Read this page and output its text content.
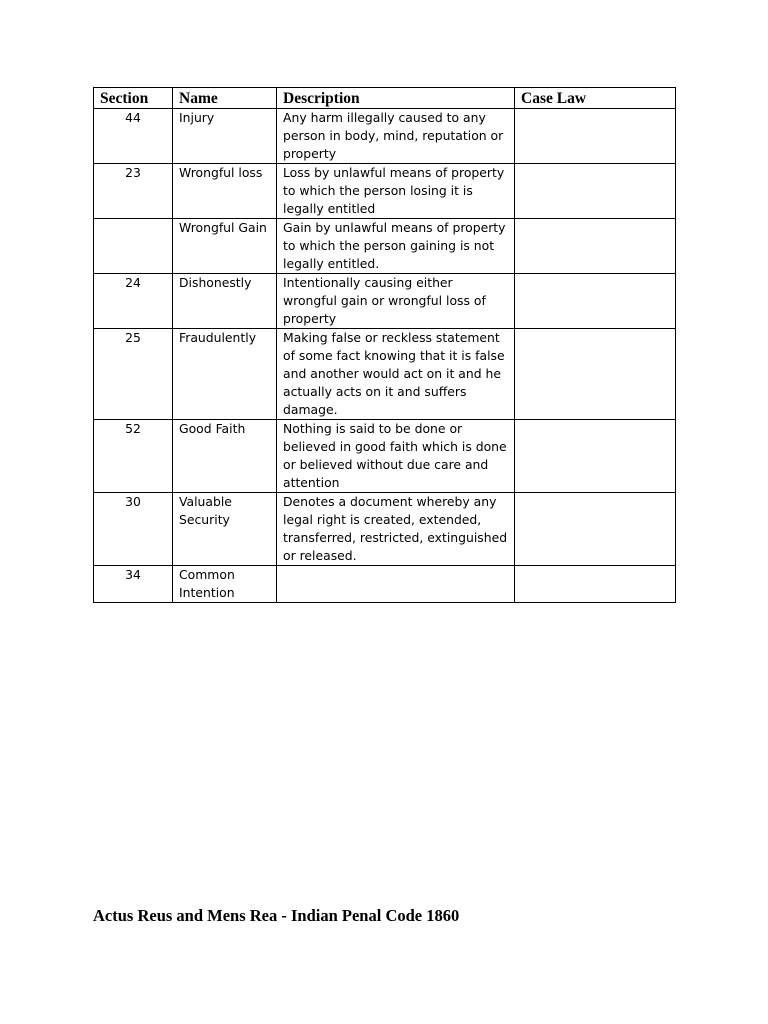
Section	Name	Description	Case Law
44	Injury	Any harm illegally caused to any person in body, mind, reputation or property	
23	Wrongful loss	Loss by unlawful means of property to which the person losing it is legally entitled	
	Wrongful Gain	Gain by unlawful means of property to which the person gaining is not legally entitled.	
24	Dishonestly	Intentionally causing either wrongful gain or wrongful loss of property	
25	Fraudulently	Making false or reckless statement of some fact knowing that it is false and another would act on it and he actually acts on it and suffers damage.	
52	Good Faith	Nothing is said to be done or believed in good faith which is done or believed without due care and attention	
30	Valuable Security	Denotes a document whereby any legal right is created, extended, transferred, restricted, extinguished or released.	
34	Common Intention		
Actus Reus and Mens Rea - Indian Penal Code 1860
